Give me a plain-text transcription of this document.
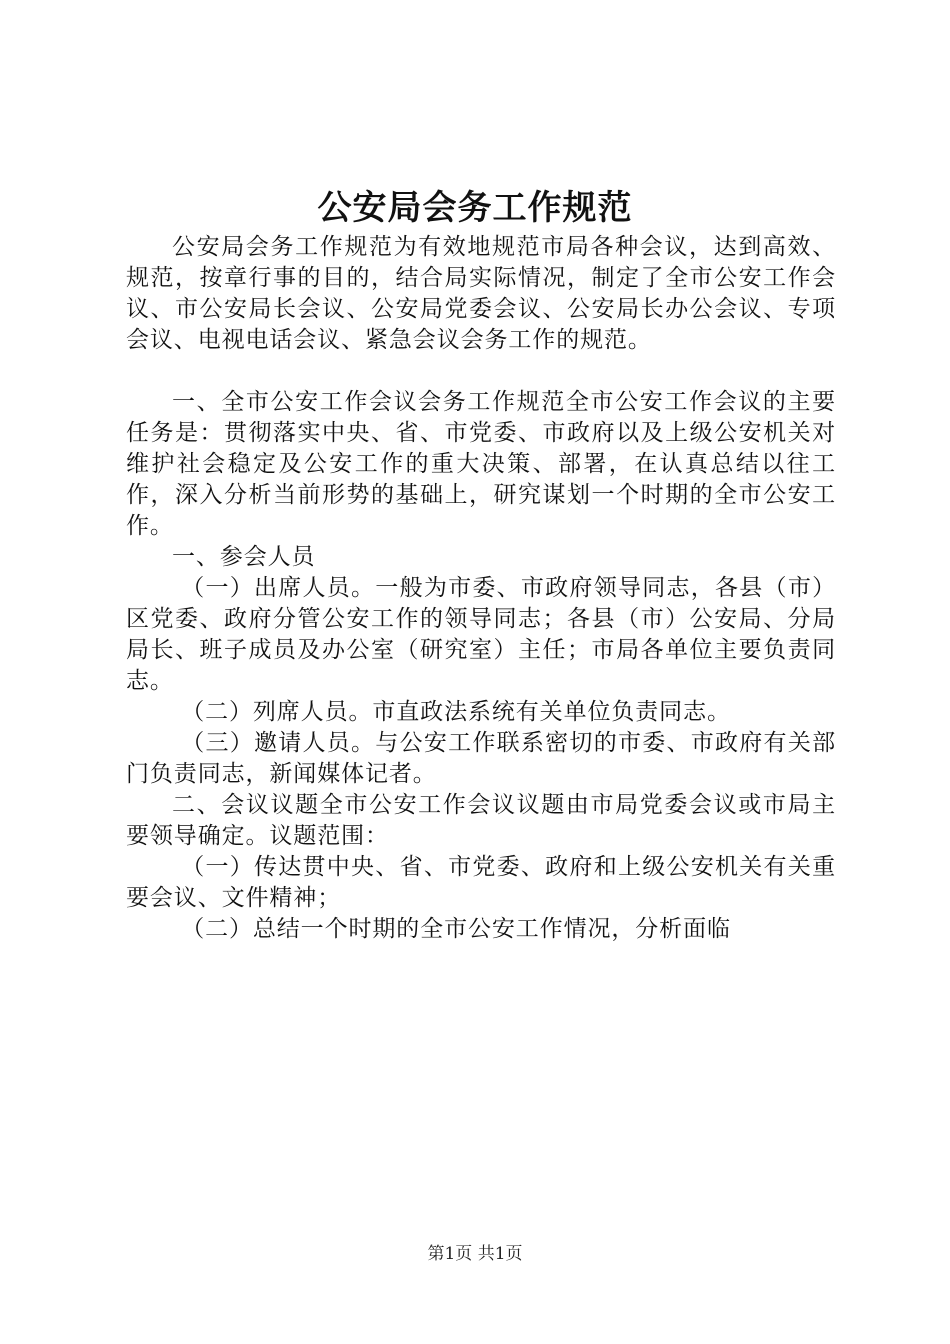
公安局会务工作规范

公安局会务工作规范为有效地规范市局各种会议，达到高效、规范，按章行事的目的，结合局实际情况，制定了全市公安工作会议、市公安局长会议、公安局党委会议、公安局长办公会议、专项会议、电视电话会议、紧急会议会务工作的规范。

一、全市公安工作会议会务工作规范全市公安工作会议的主要任务是：贯彻落实中央、省、市党委、市政府以及上级公安机关对维护社会稳定及公安工作的重大决策、部署，在认真总结以往工作，深入分析当前形势的基础上，研究谋划一个时期的全市公安工作。

一、参会人员

（一）出席人员。一般为市委、市政府领导同志，各县（市）区党委、政府分管公安工作的领导同志；各县（市）公安局、分局局长、班子成员及办公室（研究室）主任；市局各单位主要负责同志。

（二）列席人员。市直政法系统有关单位负责同志。

（三）邀请人员。与公安工作联系密切的市委、市政府有关部门负责同志，新闻媒体记者。

二、会议议题全市公安工作会议议题由市局党委会议或市局主要领导确定。议题范围：

（一）传达贯中央、省、市党委、政府和上级公安机关有关重要会议、文件精神；

（二）总结一个时期的全市公安工作情况，分析面临

第1页 共1页
